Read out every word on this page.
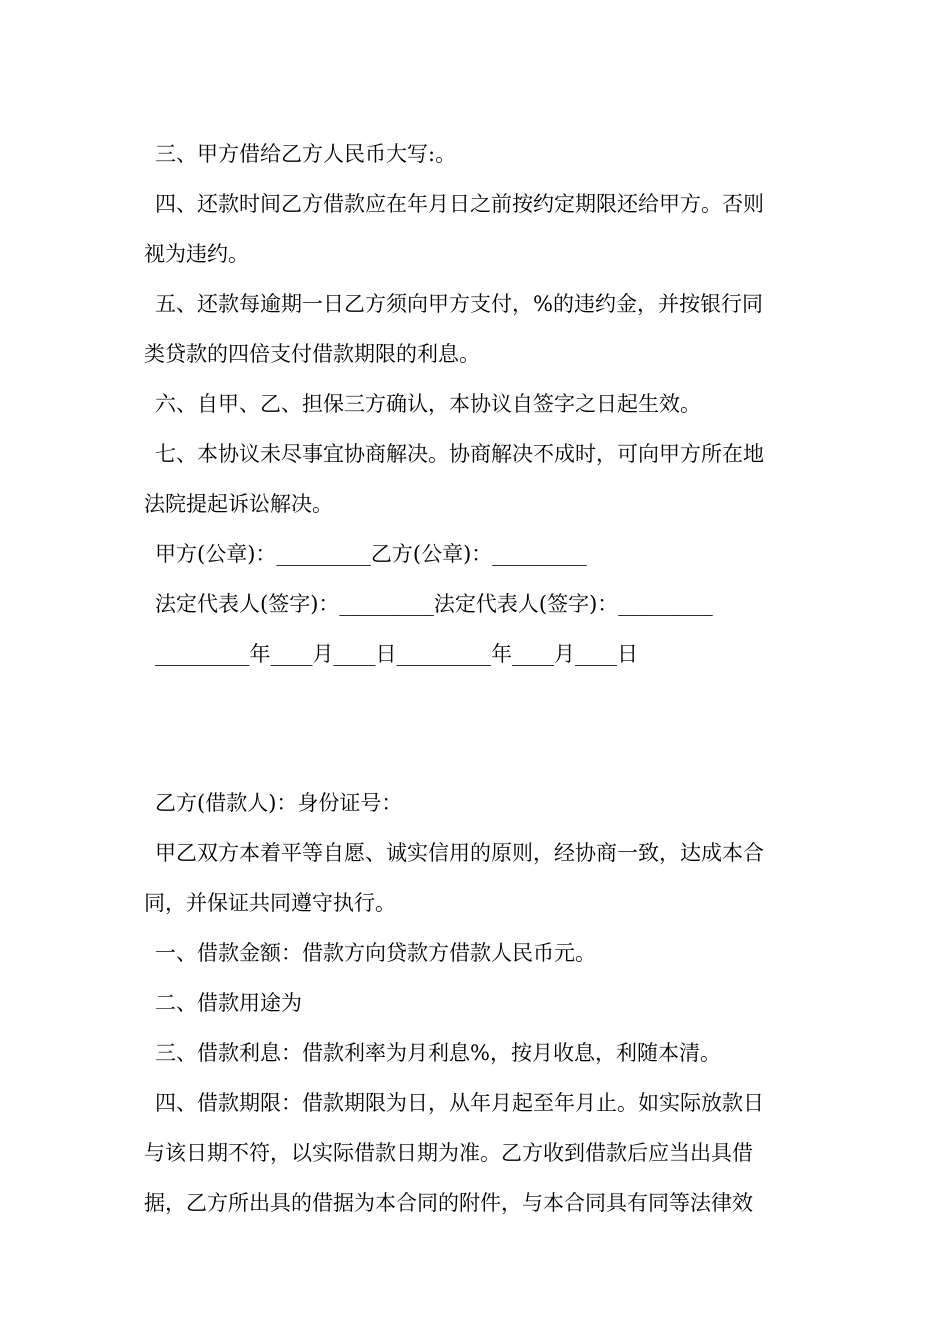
三、甲方借给乙方人民币大写:。
四、还款时间乙方借款应在年月日之前按约定期限还给甲方。否则
视为违约。
五、还款每逾期一日乙方须向甲方支付，%的违约金，并按银行同
类贷款的四倍支付借款期限的利息。
六、自甲、乙、担保三方确认，本协议自签字之日起生效。
七、本协议未尽事宜协商解决。协商解决不成时，可向甲方所在地
法院提起诉讼解决。
甲方(公章)：_________乙方(公章)：_________
法定代表人(签字)：_________法定代表人(签字)：_________
_________年____月____日_________年____月____日
乙方(借款人)：身份证号：
甲乙双方本着平等自愿、诚实信用的原则，经协商一致，达成本合
同，并保证共同遵守执行。
一、借款金额：借款方向贷款方借款人民币元。
二、借款用途为
三、借款利息：借款利率为月利息%，按月收息，利随本清。
四、借款期限：借款期限为日，从年月起至年月止。如实际放款日
与该日期不符，以实际借款日期为准。乙方收到借款后应当出具借
据，乙方所出具的借据为本合同的附件，与本合同具有同等法律效
